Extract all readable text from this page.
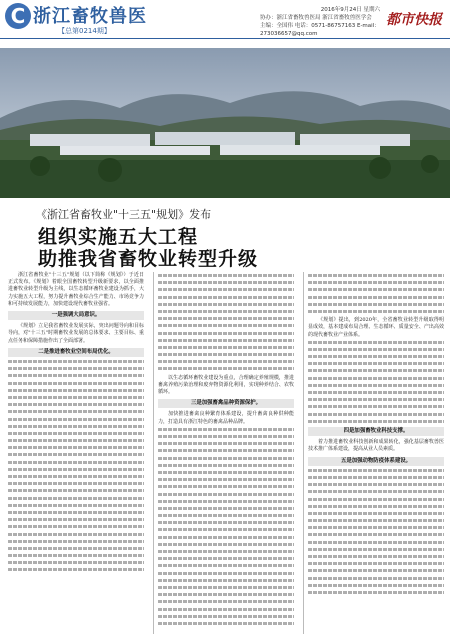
C 浙江畜牧兽医
【总第0214期】
2016年9月24日 星期六
协办：浙江省畜牧兽医局 浙江省畜牧兽医学会
主编：全国伟 电话：0571-86757163 E-mail：273036657@qq.com
都市快报
图片由浙江省畜牧兽医局提供
《浙江省畜牧业"十三五"规划》发布
组织实施五大工程
助推我省畜牧业转型升级

浙江省畜牧业"十三五"规划（以下简称《规划》）于近日正式发布。《规划》着眼全国畜牧转型升级新要求，以全面推进畜牧业转型升级为主线，以生态循环畜牧业建设为抓手，大力实施五大工程，努力提升畜牧业综合生产能力、市场竞争力和可持续发展能力，加快建设现代畜牧业强省。

一是强调大局意识。

《规划》立足我省畜牧业发展实际，突出问题导向和目标导向，对"十三五"时期畜牧业发展的总体要求、主要目标、重点任务和保障措施作出了全面部署。

二是推进畜牧业空间布局优化。

以生态循环畜牧业建设为重点，合理确定养殖规模，推进畜禽养殖污染治理和废弃物资源化利用，实现种养结合、农牧循环。

三是加强畜禽品种资源保护。

加快推进畜禽良种繁育体系建设，提升畜禽良种供种能力，打造具有浙江特色的畜禽品种品牌。

《规划》提出，到2020年，全省畜牧业转型升级取得明显成效，基本建成布局合理、生态循环、质量安全、产出高效的现代畜牧业产业体系。

四是加强畜牧业科技支撑。

着力推进畜牧业科技创新和成果转化，强化基层畜牧兽医技术推广体系建设，提高从业人员素质。

五是加强动物防疫体系建设。
